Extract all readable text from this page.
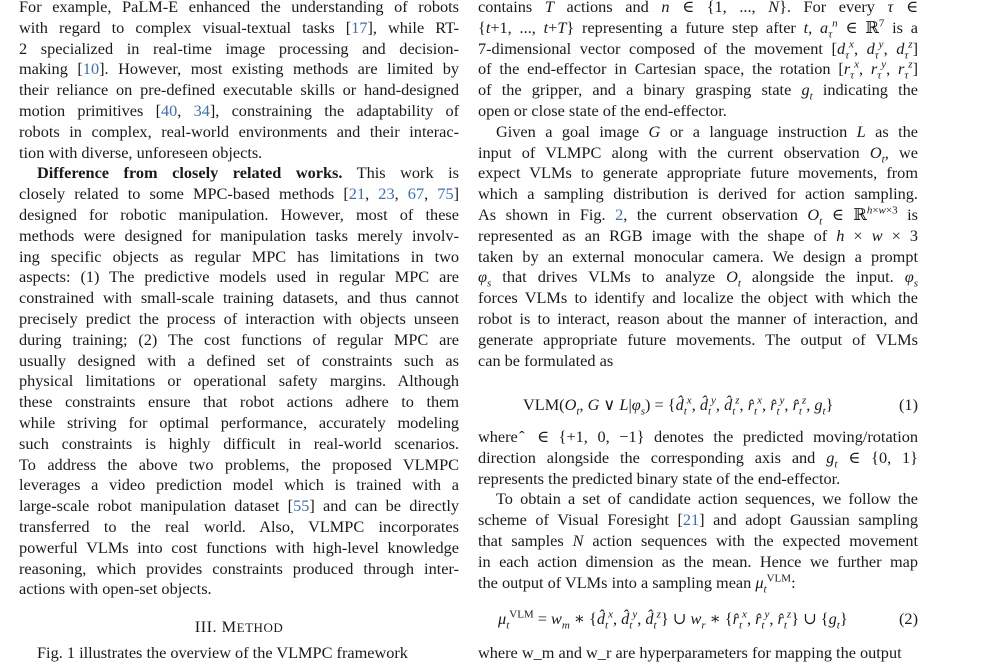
For example, PaLM-E enhanced the understanding of robots
with regard to complex visual-textual tasks [17], while RT-
2 specialized in real-time image processing and decision-
making [10]. However, most existing methods are limited by
their reliance on pre-defined executable skills or hand-designed
motion primitives [40, 34], constraining the adaptability of
robots in complex, real-world environments and their interac-
tion with diverse, unforeseen objects.
Difference from closely related works. This work is
closely related to some MPC-based methods [21, 23, 67, 75]
designed for robotic manipulation. However, most of these
methods were designed for manipulation tasks merely involv-
ing specific objects as regular MPC has limitations in two
aspects: (1) The predictive models used in regular MPC are
constrained with small-scale training datasets, and thus cannot
precisely predict the process of interaction with objects unseen
during training; (2) The cost functions of regular MPC are
usually designed with a defined set of constraints such as
physical limitations or operational safety margins. Although
these constraints ensure that robot actions adhere to them
while striving for optimal performance, accurately modeling
such constraints is highly difficult in real-world scenarios.
To address the above two problems, the proposed VLMPC
leverages a video prediction model which is trained with a
large-scale robot manipulation dataset [55] and can be directly
transferred to the real world. Also, VLMPC incorporates
powerful VLMs into cost functions with high-level knowledge
reasoning, which provides constraints produced through inter-
actions with open-set objects.
III. METHOD
Fig. 1 illustrates the overview of the VLMPC framework

contains T actions and n ∈ {1, ..., N}. For every τ ∈
{t+1, ..., t+T} representing a future step after t, $a_\tau^n$ ∈ ℝ$^7$ is a
7-dimensional vector composed of the movement [$d_\tau^x$, $d_\tau^y$, $d_\tau^z$]
of the end-effector in Cartesian space, the rotation [$r_\tau^x$, $r_\tau^y$, $r_\tau^z$]
of the gripper, and a binary grasping state $g_t$ indicating the
open or close state of the end-effector.
Given a goal image G or a language instruction L as the
input of VLMPC along with the current observation $O_t$, we
expect VLMs to generate appropriate future movements, from
which a sampling distribution is derived for action sampling.
As shown in Fig. 2, the current observation $O_t$ ∈ ℝ$^{h\times w\times 3}$ is
represented as an RGB image with the shape of h × w × 3
taken by an external monocular camera. We design a prompt
$\varphi_s$ that drives VLMs to analyze $O_t$ alongside the input. $\varphi_s$
forces VLMs to identify and localize the object with which the
robot is to interact, reason about the manner of interaction, and
generate appropriate future movements. The output of VLMs
can be formulated as
$VLM(O_t$, G ∨ $L|\varphi_s$) = {$d̂_t^x$, $d̂_t^y$, $d̂_t^z$, $r̂_t^x$, $r̂_t^y$, $r̂_t^z$, $g_t$}	(1)
where ̂ ∈ {+1, 0, −1} denotes the predicted moving/rotation
direction alongside the corresponding axis and $g_t$ ∈ {0, 1}
represents the predicted binary state of the end-effector.
To obtain a set of candidate action sequences, we follow the
scheme of Visual Foresight [21] and adopt Gaussian sampling
that samples N action sequences with the expected movement
in each action dimension as the mean. Hence we further map
the output of VLMs into a sampling mean $\mu_t^{VLM}$:
$\mu_t^{VLM} = w_m$ ∗ {$d̂_t^x$, $d̂_t^y$, $d̂_t^z$} ∪ $w_r$ ∗ {$r̂_t^x$, $r̂_t^y$, $r̂_t^z$} ∪ $\{g_t\}$	(2)
where w_m and w_r are hyperparameters for mapping the output
